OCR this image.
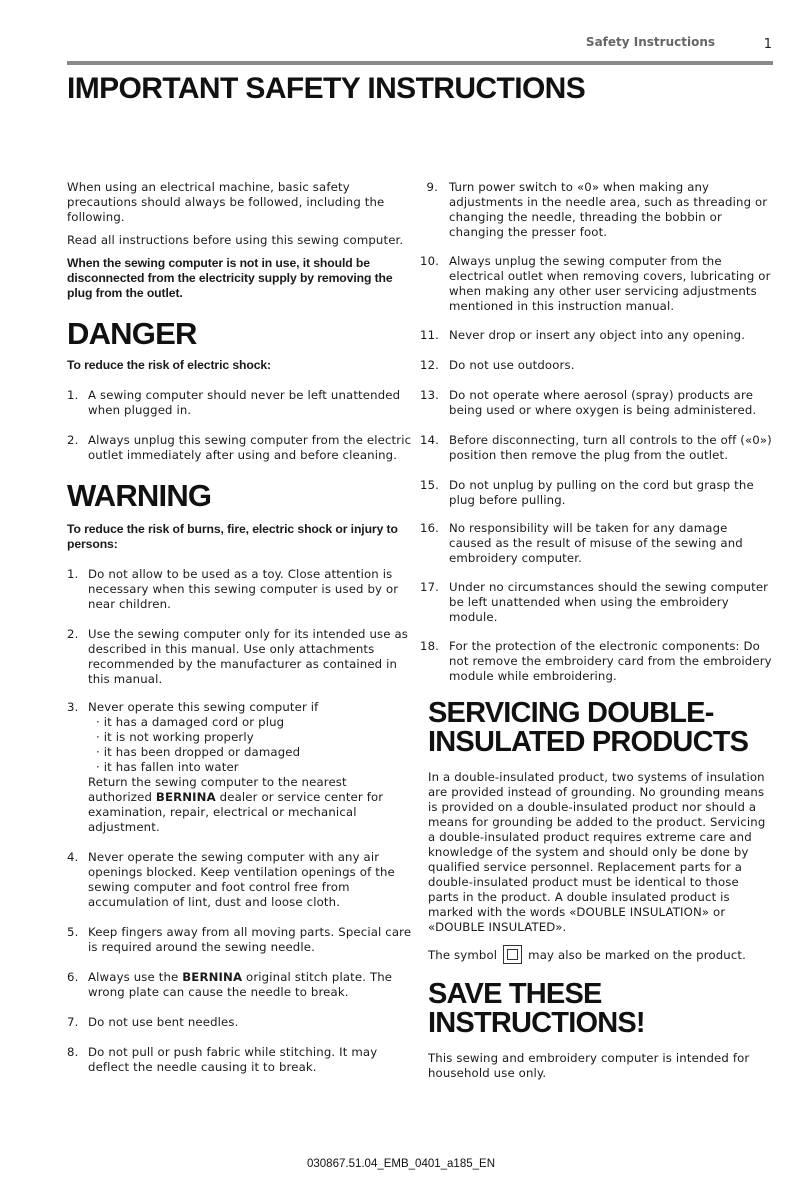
Safety Instructions	1
IMPORTANT SAFETY INSTRUCTIONS

When using an electrical machine, basic safety precautions should always be followed, including the following.

Read all instructions before using this sewing computer.

When the sewing computer is not in use, it should be disconnected from the electricity supply by removing the plug from the outlet.

DANGER

To reduce the risk of electric shock:

1. A sewing computer should never be left unattended when plugged in.
2. Always unplug this sewing computer from the electric outlet immediately after using and before cleaning.
WARNING

To reduce the risk of burns, fire, electric shock or injury to persons:

1. Do not allow to be used as a toy. Close attention is necessary when this sewing computer is used by or near children.
2. Use the sewing computer only for its intended use as described in this manual. Use only attachments recommended by the manufacturer as contained in this manual.
3. Never operate this sewing computer if
· it has a damaged cord or plug
· it is not working properly
· it has been dropped or damaged
· it has fallen into water
Return the sewing computer to the nearest authorized BERNINA dealer or service center for examination, repair, electrical or mechanical adjustment.
4. Never operate the sewing computer with any air openings blocked. Keep ventilation openings of the sewing computer and foot control free from accumulation of lint, dust and loose cloth.
5. Keep fingers away from all moving parts. Special care is required around the sewing needle.
6. Always use the BERNINA original stitch plate. The wrong plate can cause the needle to break.
7. Do not use bent needles.
8. Do not pull or push fabric while stitching. It may deflect the needle causing it to break.
9. Turn power switch to «0» when making any adjustments in the needle area, such as threading or changing the needle, threading the bobbin or changing the presser foot.
10. Always unplug the sewing computer from the electrical outlet when removing covers, lubricating or when making any other user servicing adjustments mentioned in this instruction manual.
11. Never drop or insert any object into any opening.
12. Do not use outdoors.
13. Do not operate where aerosol (spray) products are being used or where oxygen is being administered.
14. Before disconnecting, turn all controls to the off («0») position then remove the plug from the outlet.
15. Do not unplug by pulling on the cord but grasp the plug before pulling.
16. No responsibility will be taken for any damage caused as the result of misuse of the sewing and embroidery computer.
17. Under no circumstances should the sewing computer be left unattended when using the embroidery module.
18. For the protection of the electronic components: Do not remove the embroidery card from the embroidery module while embroidering.
SERVICING DOUBLE-
INSULATED PRODUCTS

In a double-insulated product, two systems of insulation are provided instead of grounding. No grounding means is provided on a double-insulated product nor should a means for grounding be added to the product. Servicing a double-insulated product requires extreme care and knowledge of the system and should only be done by qualified service personnel. Replacement parts for a double-insulated product must be identical to those parts in the product. A double insulated product is marked with the words «DOUBLE INSULATION» or «DOUBLE INSULATED».

The symbol	may also be marked on the product.

SAVE THESE
INSTRUCTIONS!

This sewing and embroidery computer is intended for household use only.

030867.51.04_EMB_0401_a185_EN
